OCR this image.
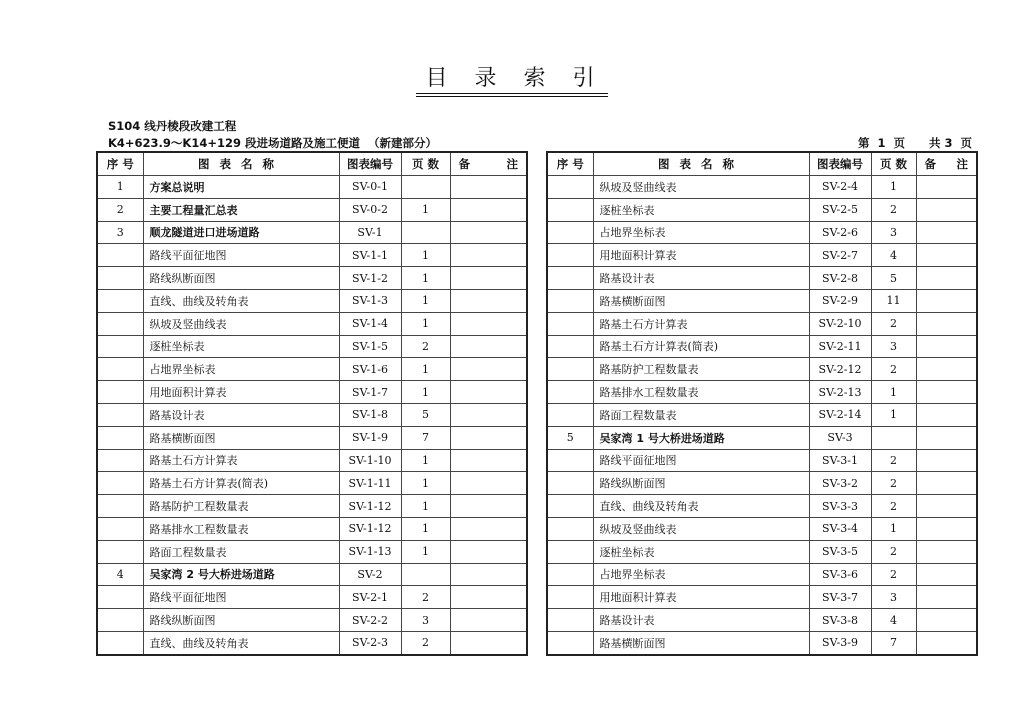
目 录 索 引
S104 线丹棱段改建工程
K4+623.9～K14+129 段进场道路及施工便道  （新建部分）	第  1  页      共 3  页
序 号	图表名称	图表编号	页 数	备 注

1	方案总说明	SV-0-1		
2	主要工程量汇总表	SV-0-2	1	
3	顺龙隧道进口进场道路	SV-1		
	路线平面征地图	SV-1-1	1	
	路线纵断面图	SV-1-2	1	
	直线、曲线及转角表	SV-1-3	1	
	纵坡及竖曲线表	SV-1-4	1	
	逐桩坐标表	SV-1-5	2	
	占地界坐标表	SV-1-6	1	
	用地面积计算表	SV-1-7	1	
	路基设计表	SV-1-8	5	
	路基横断面图	SV-1-9	7	
	路基土石方计算表	SV-1-10	1	
	路基土石方计算表(简表)	SV-1-11	1	
	路基防护工程数量表	SV-1-12	1	
	路基排水工程数量表	SV-1-12	1	
	路面工程数量表	SV-1-13	1	
4	吴家湾 2 号大桥进场道路	SV-2		
	路线平面征地图	SV-2-1	2	
	路线纵断面图	SV-2-2	3	
	直线、曲线及转角表	SV-2-3	2	
序 号	图表名称	图表编号	页 数	备 注

	纵坡及竖曲线表	SV-2-4	1	
	逐桩坐标表	SV-2-5	2	
	占地界坐标表	SV-2-6	3	
	用地面积计算表	SV-2-7	4	
	路基设计表	SV-2-8	5	
	路基横断面图	SV-2-9	11	
	路基土石方计算表	SV-2-10	2	
	路基土石方计算表(简表)	SV-2-11	3	
	路基防护工程数量表	SV-2-12	2	
	路基排水工程数量表	SV-2-13	1	
	路面工程数量表	SV-2-14	1	
5	吴家湾 1 号大桥进场道路	SV-3		
	路线平面征地图	SV-3-1	2	
	路线纵断面图	SV-3-2	2	
	直线、曲线及转角表	SV-3-3	2	
	纵坡及竖曲线表	SV-3-4	1	
	逐桩坐标表	SV-3-5	2	
	占地界坐标表	SV-3-6	2	
	用地面积计算表	SV-3-7	3	
	路基设计表	SV-3-8	4	
	路基横断面图	SV-3-9	7	
